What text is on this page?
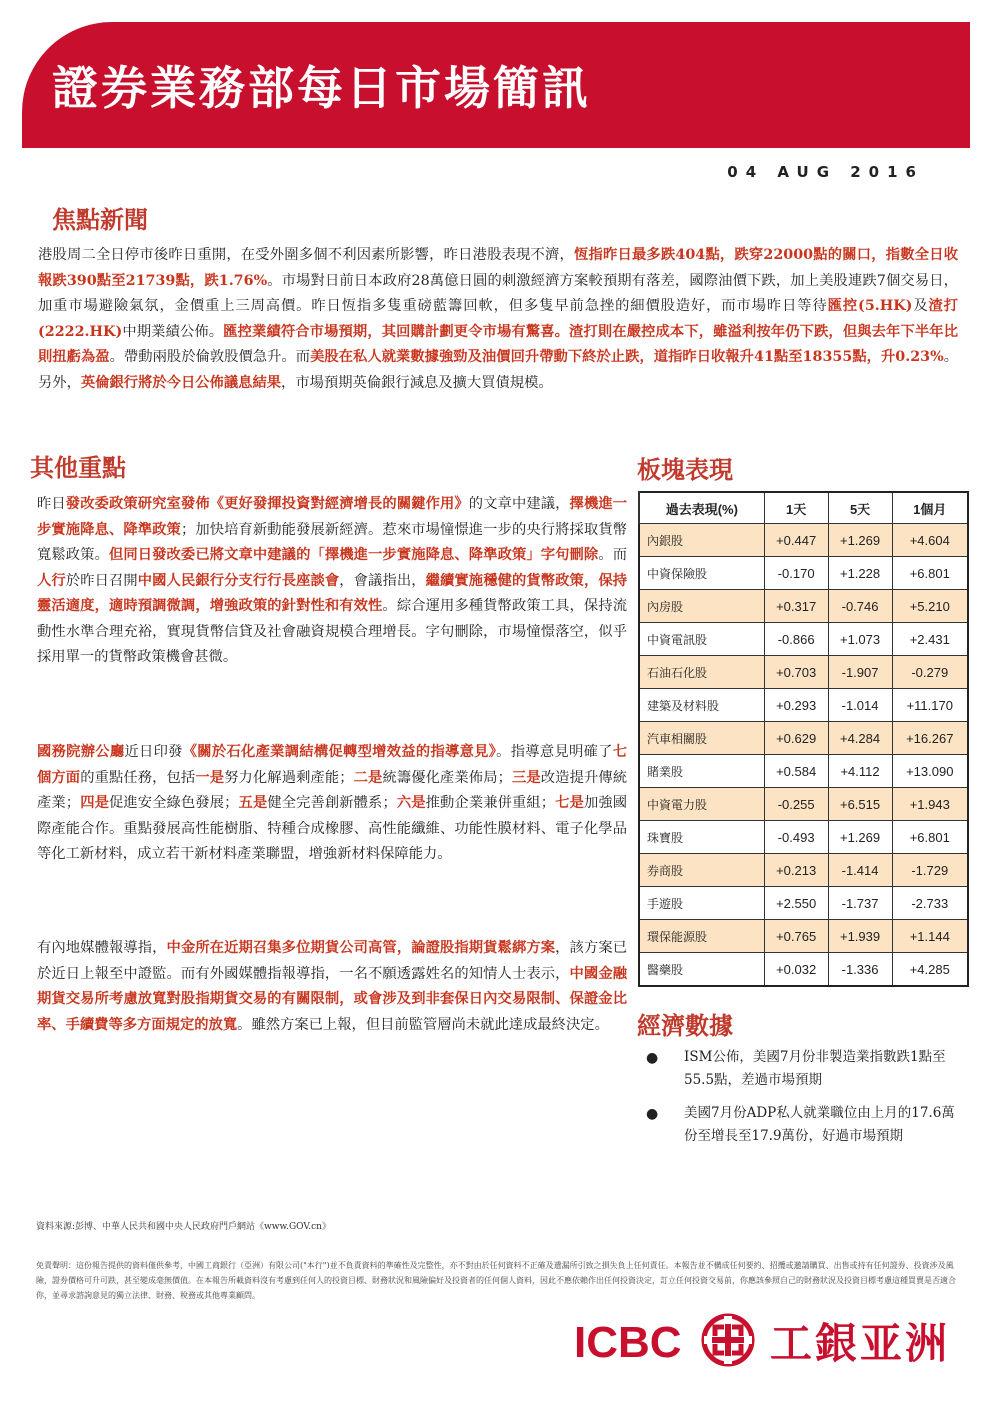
證券業務部每日市場簡訊
04 AUG 2016
焦點新聞
港股周二全日停市後昨日重開，在受外圍多個不利因素所影響，昨日港股表現不濟，恆指昨日最多跌404點，跌穿22000點的關口，指數全日收報跌390點至21739點，跌1.76%。市場對日前日本政府28萬億日圓的刺激經濟方案較預期有落差，國際油價下跌，加上美股連跌7個交易日，加重市場避險氣氛，金價重上三周高價。昨日恆指多隻重磅藍籌回軟，但多隻早前急挫的細價股造好，而市場昨日等待匯控(5.HK)及渣打(2222.HK)中期業績公佈。匯控業績符合市場預期，其回購計劃更令市場有驚喜。渣打則在嚴控成本下，雖溢利按年仍下跌，但與去年下半年比則扭虧為盈。帶動兩股於倫敦股價急升。而美股在私人就業數據強勁及油價回升帶動下終於止跌，道指昨日收報升41點至18355點，升0.23%。另外，英倫銀行將於今日公佈議息結果，市場預期英倫銀行減息及擴大買債規模。
其他重點
昨日發改委政策研究室發佈《更好發揮投資對經濟增長的關鍵作用》的文章中建議，擇機進一步實施降息、降準政策；加快培育新動能發展新經濟。惹來市場憧憬進一步的央行將採取貨幣寬鬆政策。但同日發改委已將文章中建議的「擇機進一步實施降息、降準政策」字句刪除。而人行於昨日召開中國人民銀行分支行行長座談會，會議指出，繼續實施穩健的貨幣政策，保持靈活適度，適時預調微調，增強政策的針對性和有效性。綜合運用多種貨幣政策工具，保持流動性水準合理充裕，實現貨幣信貸及社會融資規模合理增長。字句刪除，市場憧憬落空，似乎採用單一的貨幣政策機會甚微。
國務院辦公廳近日印發《關於石化產業調結構促轉型增效益的指導意見》。指導意見明確了七個方面的重點任務，包括一是努力化解過剩產能；二是統籌優化產業佈局；三是改造提升傳統產業；四是促進安全綠色發展；五是健全完善創新體系；六是推動企業兼併重組；七是加強國際產能合作。重點發展高性能樹脂、特種合成橡膠、高性能纖維、功能性膜材料、電子化學品等化工新材料，成立若干新材料產業聯盟，增強新材料保障能力。
有內地媒體報導指，中金所在近期召集多位期貨公司高管，論證股指期貨鬆綁方案，該方案已於近日上報至中證監。而有外國媒體指報導指，一名不願透露姓名的知情人士表示，中國金融期貨交易所考慮放寬對股指期貨交易的有關限制，或會涉及到非套保日內交易限制、保證金比率、手續費等多方面規定的放寬。雖然方案已上報，但目前監管層尚未就此達成最終決定。
板塊表現
過去表現(%)	1天	5天	1個月
內銀股	+0.447	+1.269	+4.604
中資保險股	-0.170	+1.228	+6.801
內房股	+0.317	-0.746	+5.210
中資電訊股	-0.866	+1.073	+2.431
石油石化股	+0.703	-1.907	-0.279
建築及材料股	+0.293	-1.014	+11.170
汽車相關股	+0.629	+4.284	+16.267
賭業股	+0.584	+4.112	+13.090
中資電力股	-0.255	+6.515	+1.943
珠寶股	-0.493	+1.269	+6.801
券商股	+0.213	-1.414	-1.729
手遊股	+2.550	-1.737	-2.733
環保能源股	+0.765	+1.939	+1.144
醫藥股	+0.032	-1.336	+4.285
經濟數據
● ISM公佈，美國7月份非製造業指數跌1點至55.5點，差過市場預期
● 美國7月份ADP私人就業職位由上月的17.6萬份至增長至17.9萬份，好過市場預期
資料來源:彭博、中華人民共和國中央人民政府門戶網站《www.GOV.cn》
免責聲明：這份報告提供的資料僅供參考，中國工商銀行（亞洲）有限公司("本行")並不負責資料的準確性及完整性，亦不對由於任何資料不正確及遺漏所引致之損失負上任何責任。本報告並不構成任何要約、招攬或邀請購買、出售或持有任何證券、投資涉及風險，證券價格可升可跌，甚至變成毫無價值。在本報告所載資料沒有考慮到任何人的投資目標、財務狀況和風險偏好及投資者的任何個人資料，因此不應依賴作出任何投資決定，訂立任何投資交易前，你應該參照自己的財務狀況及投資目標考慮這種買賣是否適合你，並尋求諮詢意見的獨立法律、財務、稅務或其他專業顧問。
ICBC 工銀亚洲
